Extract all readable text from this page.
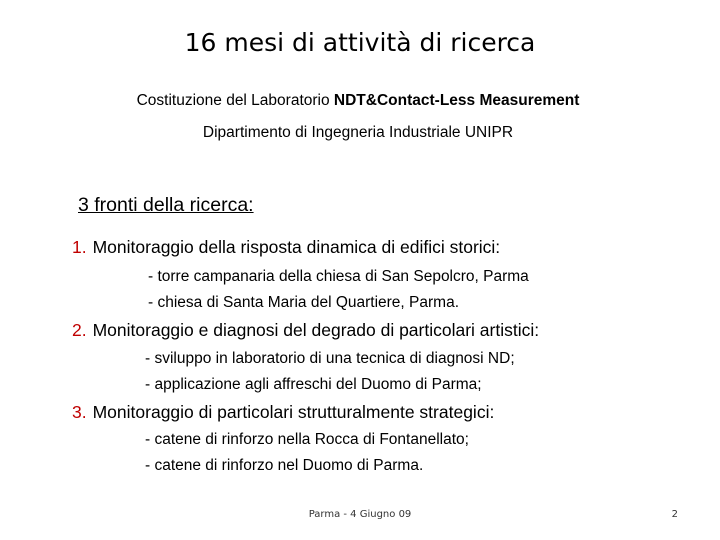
16 mesi di attività di ricerca
Costituzione del Laboratorio NDT&Contact-Less Measurement
Dipartimento di Ingegneria Industriale UNIPR
3 fronti della ricerca:
1. Monitoraggio della risposta dinamica di edifici storici:
- torre campanaria della chiesa di San Sepolcro, Parma
- chiesa di Santa Maria del Quartiere, Parma.
2. Monitoraggio e diagnosi del degrado di particolari artistici:
- sviluppo in laboratorio di una tecnica di diagnosi ND;
- applicazione agli affreschi del Duomo di Parma;
3. Monitoraggio di particolari strutturalmente strategici:
- catene di rinforzo nella Rocca di Fontanellato;
- catene di rinforzo nel Duomo di Parma.
Parma - 4 Giugno 09	2
